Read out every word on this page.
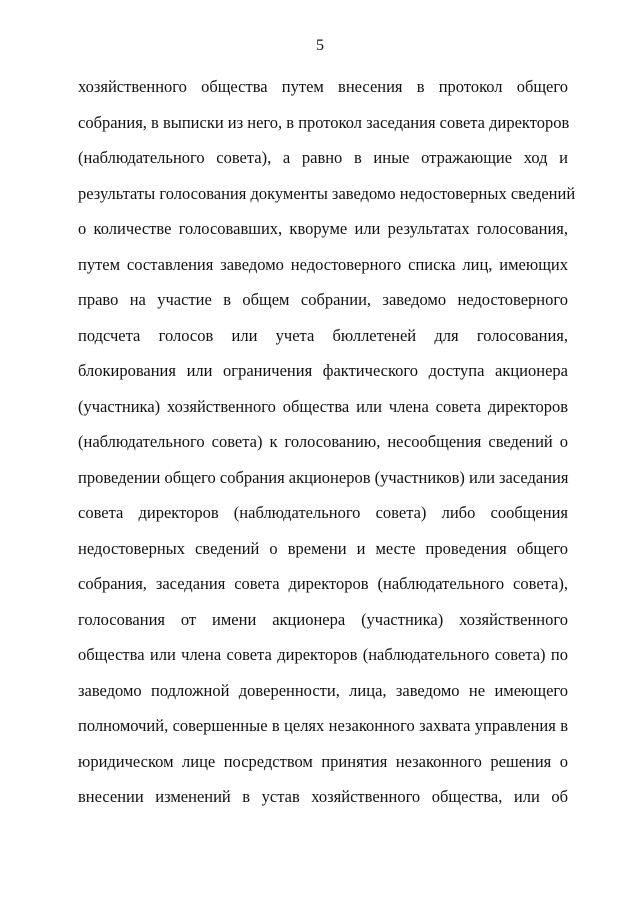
5
хозяйственного общества путем внесения в протокол общего
собрания, в выписки из него, в протокол заседания совета директоров
(наблюдательного совета), а равно в иные отражающие ход и
результаты голосования документы заведомо недостоверных сведений
о количестве голосовавших, кворуме или результатах голосования,
путем составления заведомо недостоверного списка лиц, имеющих
право на участие в общем собрании, заведомо недостоверного
подсчета голосов или учета бюллетеней для голосования,
блокирования или ограничения фактического доступа акционера
(участника) хозяйственного общества или члена совета директоров
(наблюдательного совета) к голосованию, несообщения сведений о
проведении общего собрания акционеров (участников) или заседания
совета директоров (наблюдательного совета) либо сообщения
недостоверных сведений о времени и месте проведения общего
собрания, заседания совета директоров (наблюдательного совета),
голосования от имени акционера (участника) хозяйственного
общества или члена совета директоров (наблюдательного совета) по
заведомо подложной доверенности, лица, заведомо не имеющего
полномочий, совершенные в целях незаконного захвата управления в
юридическом лице посредством принятия незаконного решения о
внесении изменений в устав хозяйственного общества, или об
